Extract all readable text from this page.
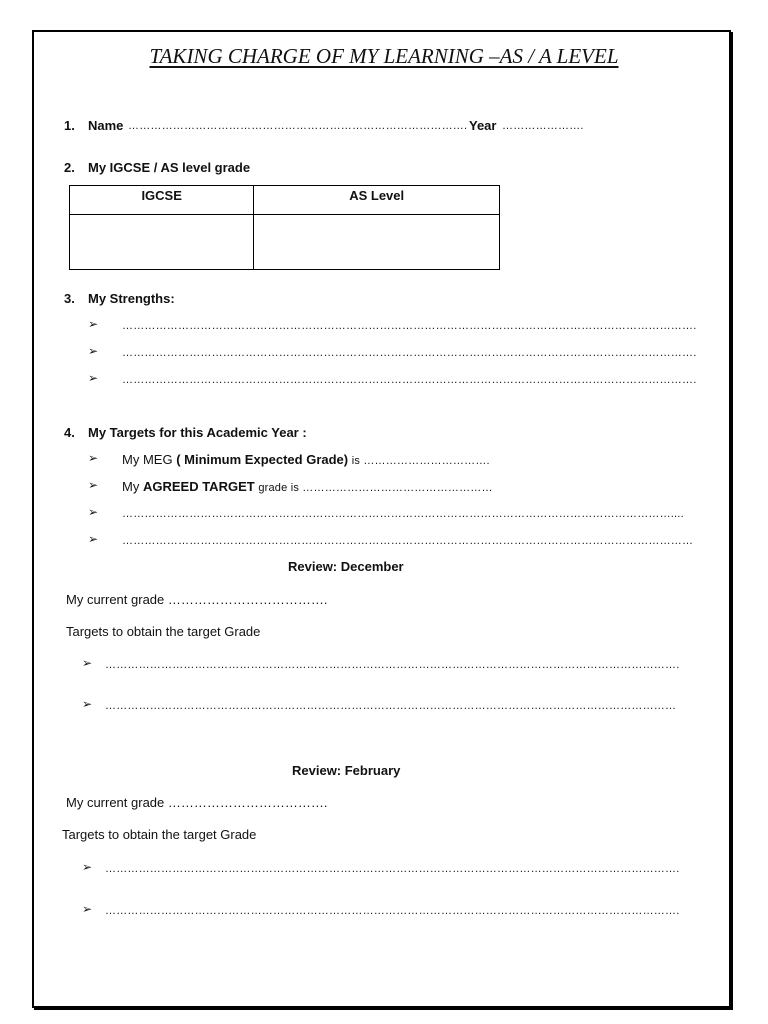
TAKING CHARGE OF MY LEARNING –AS / A LEVEL
1. Name ………………………………………………………………………………. Year ………………….
2. My IGCSE / AS level grade
IGCSE	AS Level

3. My Strengths:
➢ ……………………………………………………………………………………………………………………………………….
➢ ……………………………………………………………………………………………………………………………………….
➢ ……………………………………………………………………………………………………………………………………….
4. My Targets for this Academic Year :
➢ My MEG ( Minimum Expected Grade) is …………………………….
➢ My AGREED TARGET grade is ……………………………………………
➢ …………………………………………………………………………………………………………………………………....
➢ ………………………………………………………………………………………………………………………………………
Review: December
My current grade ……………………………….
Targets to obtain the target Grade
➢ ……………………………………………………………………………………………………………………………………….
➢ ………………………………………………………………………………………………………………………………………
Review: February
My current grade ……………………………….
Targets to obtain the target Grade
➢ ……………………………………………………………………………………………………………………………………….
➢ ……………………………………………………………………………………………………………………………………….
